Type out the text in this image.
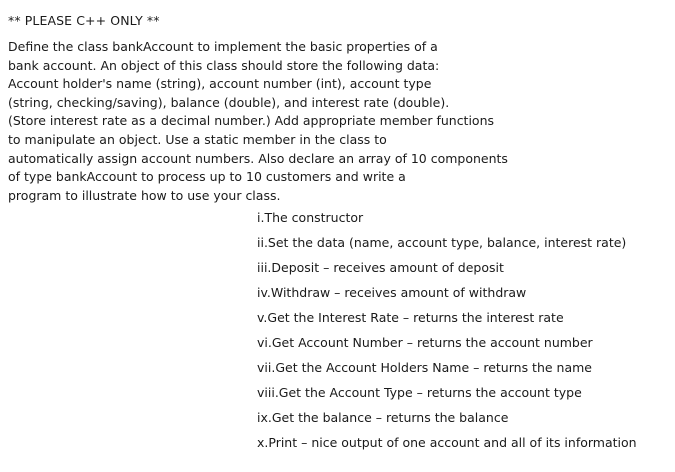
** PLEASE C++ ONLY **
Define the class bankAccount to implement the basic properties of a
bank account. An object of this class should store the following data:
Account holder's name (string), account number (int), account type
(string, checking/saving), balance (double), and interest rate (double).
(Store interest rate as a decimal number.) Add appropriate member functions
to manipulate an object. Use a static member in the class to
automatically assign account numbers. Also declare an array of 10 components
of type bankAccount to process up to 10 customers and write a
program to illustrate how to use your class.
i.The constructor
ii.Set the data (name, account type, balance, interest rate)
iii.Deposit – receives amount of deposit
iv.Withdraw – receives amount of withdraw
v.Get the Interest Rate – returns the interest rate
vi.Get Account Number – returns the account number
vii.Get the Account Holders Name – returns the name
viii.Get the Account Type – returns the account type
ix.Get the balance – returns the balance
x.Print – nice output of one account and all of its information
